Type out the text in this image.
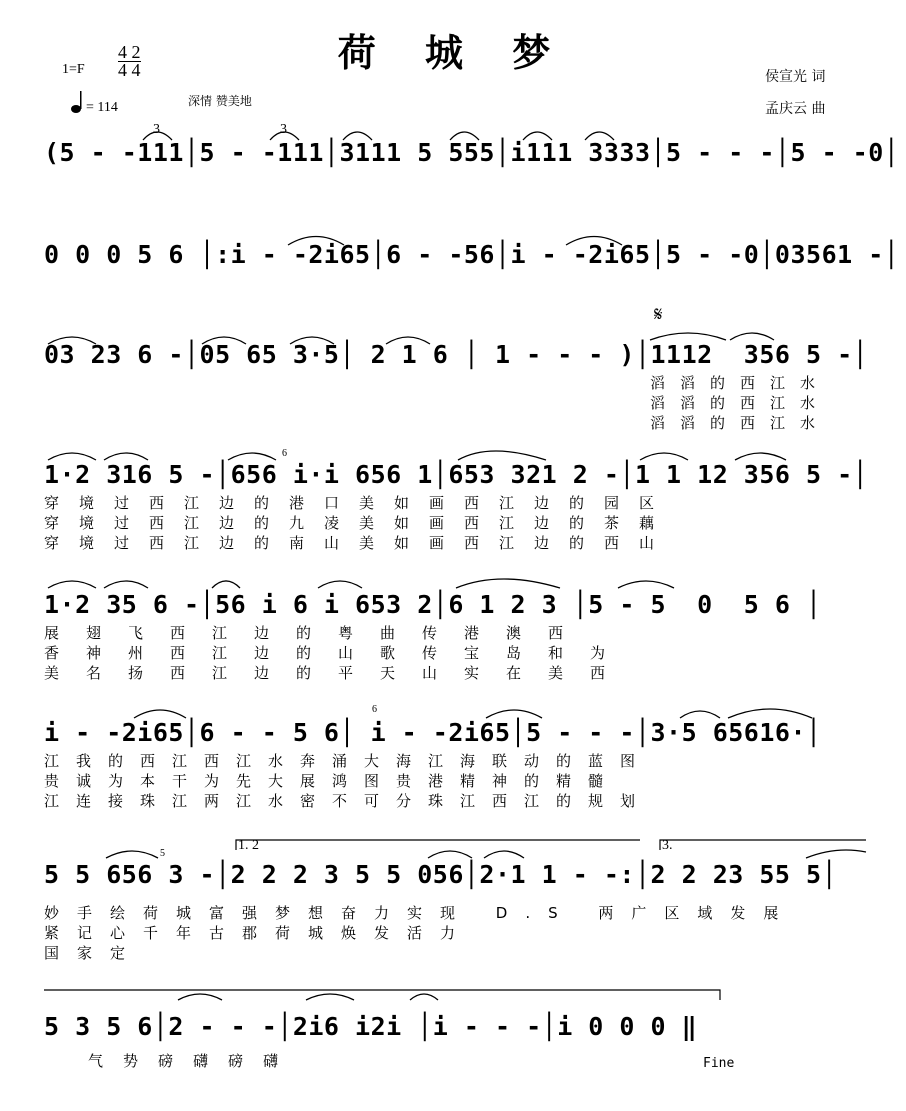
荷 城 梦
1=F
4 2
4 4
= 114	深情 赞美地
侯宣光 词
孟庆云 曲
(5 - -111│5 - -111│3111 5 555│i111 3333│5 - - -│5 - -0│
3	3
0 0 0 5 6 │:i - -2i65│6 - -56│i - -2i65│5 - -0│03561 -│
03 23 6 -│05 65 3·5│ 2 1 6 │ 1 - - - )│1112  356 5 -│
𝄋
滔滔的西江水
滔滔的西江水
滔滔的西江水
1·2 316 5 -│656 i·i 656 1│653 321 2 -│1 1 12 356 5 -│
6
穿境过西江边的港口美如画西江边的园区
穿境过西江边的九凌美如画西江边的茶藕
穿境过西江边的南山美如画西江边的西山
1·2 35 6 -│56 i 6 i 653 2│6 1 2 3 │5 - 5  0  5 6 │
展翅飞西江边的粤曲传港澳西
香神州西江边的山歌传宝岛和为
美名扬西江边的平天山实在美西
i - -2i65│6 - - 5 6│ i - -2i65│5 - - -│3·5 65616·│
6
江我的西江西江水奔涌大海江海联动的蓝图
贵诚为本干为先大展鸿图贵港精神的精髓
江连接珠江两江水密不可分珠江西江的规划
5 5 656 3 -│2 2 2 3 5 5 056│2·1 1 - -:│2 2 23 55 5│
1. 2	3.
5
妙手绘荷城富强梦想奋力实现 D.S 两广区域发展
紧记心千年古郡荷城焕发活力
国家定
5 3 5 6│2 - - -│2i6 i2i │i - - -│i 0 0 0 ‖
气势磅礴磅礴	Fine
